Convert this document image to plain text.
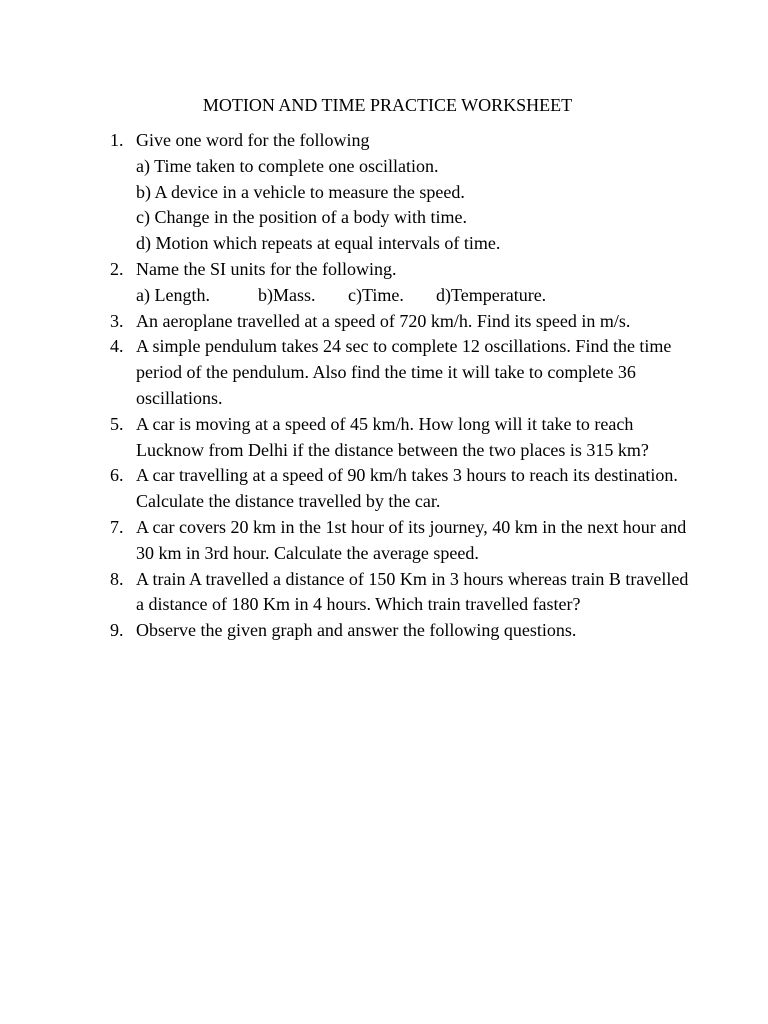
MOTION AND TIME PRACTICE WORKSHEET
1. Give one word for the following
a) Time taken to complete one oscillation.
b) A device in a vehicle to measure the speed.
c) Change in the position of a body with time.
d) Motion which repeats at equal intervals of time.
2. Name the SI units for the following.
a) Length.	b)Mass. c)Time. d)Temperature.
3. An aeroplane travelled at a speed of 720 km/h. Find its speed in m/s.
4. A simple pendulum takes 24 sec to complete 12 oscillations. Find the time period of the pendulum. Also find the time it will take to complete 36 oscillations.
5. A car is moving at a speed of 45 km/h. How long will it take to reach Lucknow from Delhi if the distance between the two places is 315 km?
6. A car travelling at a speed of 90 km/h takes 3 hours to reach its destination. Calculate the distance travelled by the car.
7. A car covers 20 km in the 1st hour of its journey, 40 km in the next hour and 30 km in 3rd hour. Calculate the average speed.
8. A train A travelled a distance of 150 Km in 3 hours whereas train B travelled a distance of 180 Km in 4 hours. Which train travelled faster?
9. Observe the given graph and answer the following questions.
